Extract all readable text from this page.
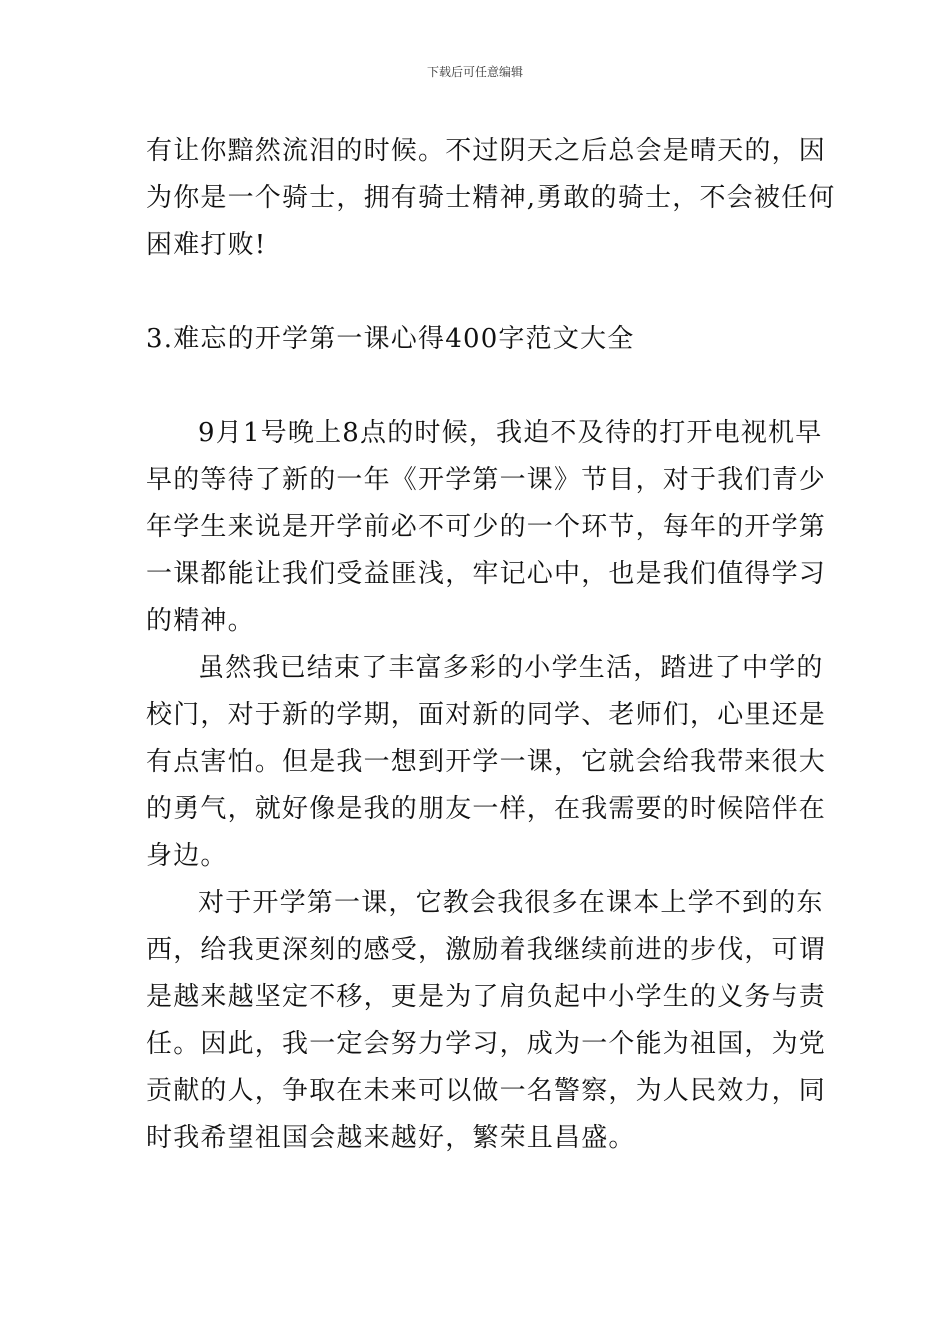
下载后可任意编辑
有让你黯然流泪的时候。不过阴天之后总会是晴天的，因
为你是一个骑士，拥有骑士精神,勇敢的骑士，不会被任何
困难打败!
3.难忘的开学第一课心得400字范文大全
9月1号晚上8点的时候，我迫不及待的打开电视机早
早的等待了新的一年《开学第一课》节目，对于我们青少
年学生来说是开学前必不可少的一个环节，每年的开学第
一课都能让我们受益匪浅，牢记心中，也是我们值得学习
的精神。
虽然我已结束了丰富多彩的小学生活，踏进了中学的
校门，对于新的学期，面对新的同学、老师们，心里还是
有点害怕。但是我一想到开学一课，它就会给我带来很大
的勇气，就好像是我的朋友一样，在我需要的时候陪伴在
身边。
对于开学第一课，它教会我很多在课本上学不到的东
西，给我更深刻的感受，激励着我继续前进的步伐，可谓
是越来越坚定不移，更是为了肩负起中小学生的义务与责
任。因此，我一定会努力学习，成为一个能为祖国，为党
贡献的人，争取在未来可以做一名警察，为人民效力，同
时我希望祖国会越来越好，繁荣且昌盛。
